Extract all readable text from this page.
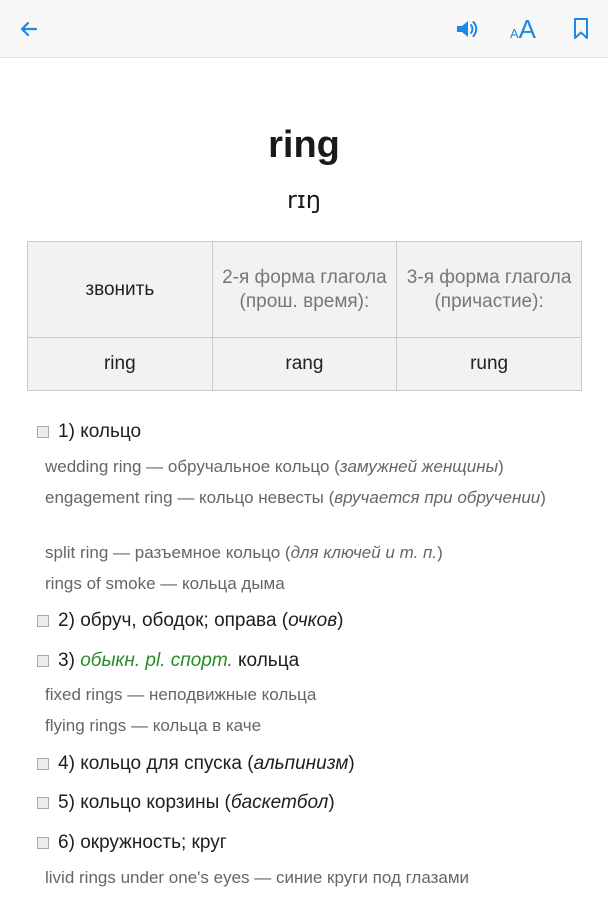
AA
ring
rɪŋ
звонить	2-я форма глагола (прош. время):	3-я форма глагола (причастие):
ring	rang	rung
1)
кольцо
wedding ring — обручальное кольцо (замужней женщины)
engagement ring — кольцо невесты (вручается при обручении)
split ring — разъемное кольцо (для ключей и т. п.)
rings of smoke — кольца дыма
2)
обруч, ободок; оправа ( очков )
3)
обыкн. pl. спорт.
кольца
fixed rings — неподвижные кольца
flying rings — кольца в каче
4)
кольцо для спуска ( альпинизм )
5)
кольцо корзины ( баскетбол )
6)
окружность; круг
livid rings under one's eyes — синие круги под глазами
